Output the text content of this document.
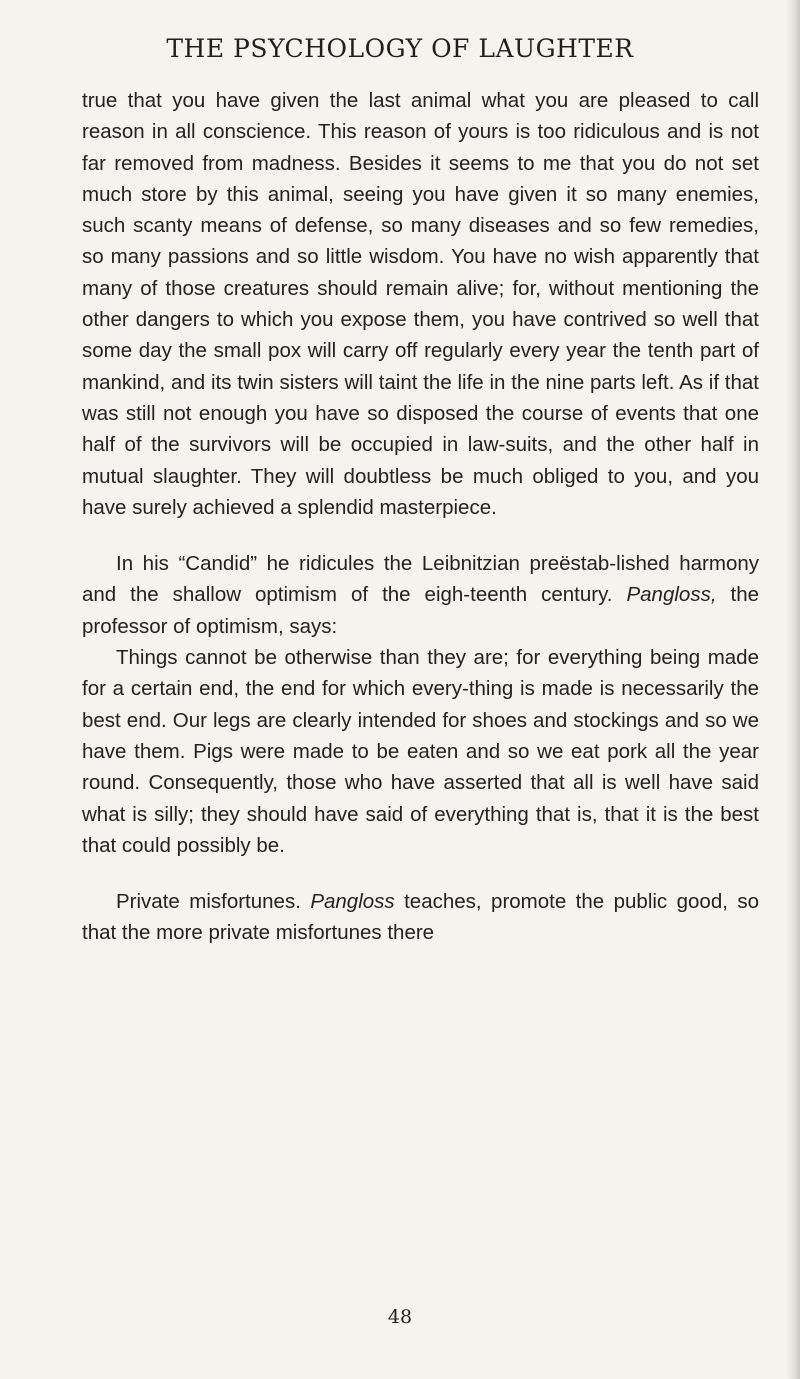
THE PSYCHOLOGY OF LAUGHTER

true that you have given the last animal what you are pleased to call reason in all conscience. This reason of yours is too ridiculous and is not far removed from madness. Besides it seems to me that you do not set much store by this animal, seeing you have given it so many enemies, such scanty means of defense, so many diseases and so few remedies, so many passions and so little wisdom. You have no wish apparently that many of those creatures should remain alive; for, without mentioning the other dangers to which you expose them, you have contrived so well that some day the small pox will carry off regularly every year the tenth part of mankind, and its twin sisters will taint the life in the nine parts left. As if that was still not enough you have so disposed the course of events that one half of the survivors will be occupied in law-suits, and the other half in mutual slaughter. They will doubtless be much obliged to you, and you have surely achieved a splendid masterpiece.

In his “Candid” he ridicules the Leibnitzian preëstab-lished harmony and the shallow optimism of the eigh-teenth century. Pangloss, the professor of optimism, says:

Things cannot be otherwise than they are; for everything being made for a certain end, the end for which every-thing is made is necessarily the best end. Our legs are clearly intended for shoes and stockings and so we have them. Pigs were made to be eaten and so we eat pork all the year round. Consequently, those who have asserted that all is well have said what is silly; they should have said of everything that is, that it is the best that could possibly be.

Private misfortunes. Pangloss teaches, promote the public good, so that the more private misfortunes there

48
